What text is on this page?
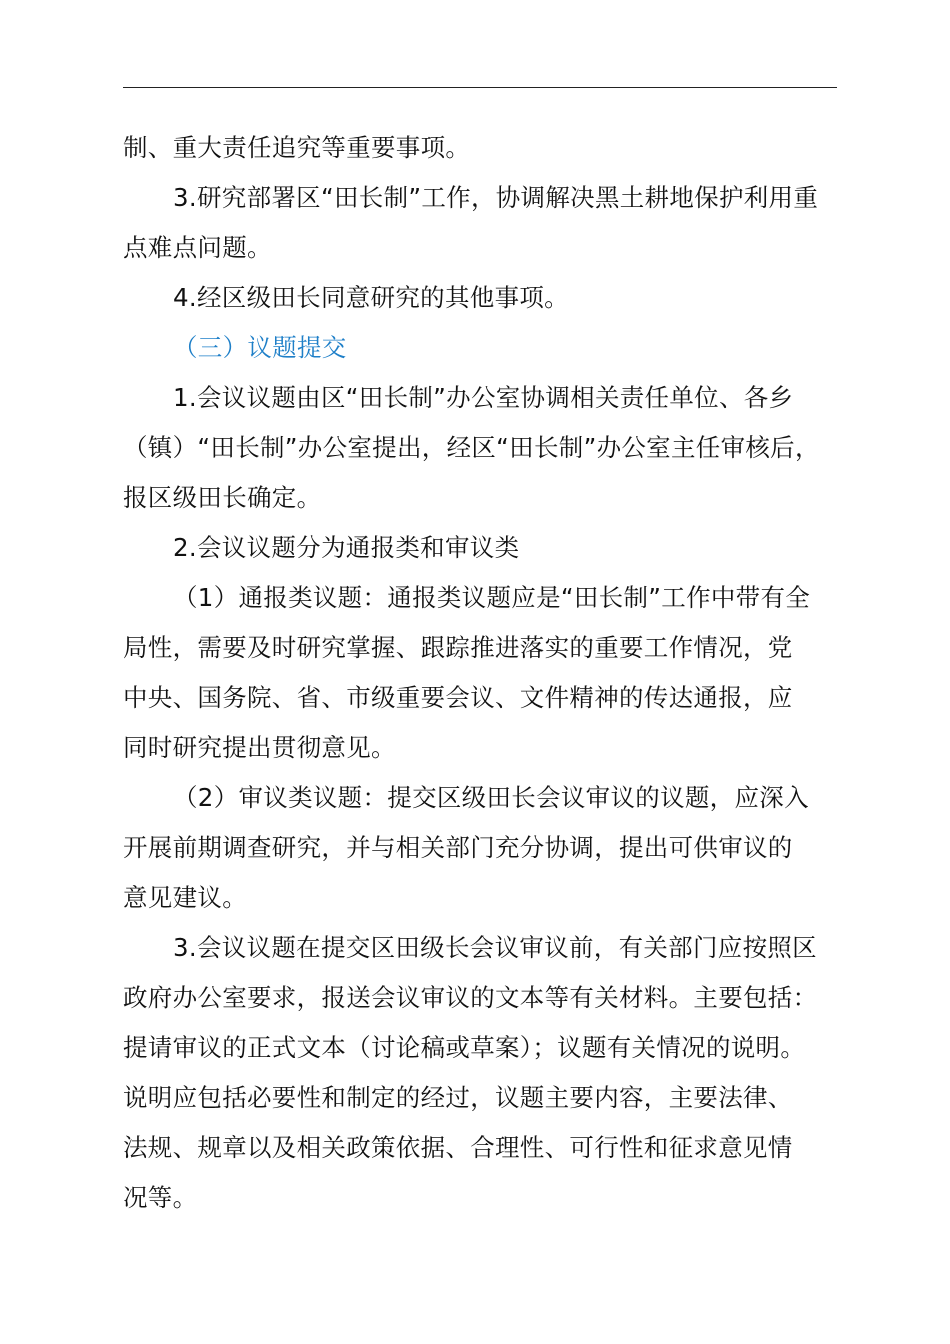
制、重大责任追究等重要事项。
3.研究部署区“田长制”工作，协调解决黑土耕地保护利用重
点难点问题。
4.经区级田长同意研究的其他事项。
（三）议题提交
1.会议议题由区“田长制”办公室协调相关责任单位、各乡
（镇）“田长制”办公室提出，经区“田长制”办公室主任审核后，
报区级田长确定。
2.会议议题分为通报类和审议类
（1）通报类议题：通报类议题应是“田长制”工作中带有全
局性，需要及时研究掌握、跟踪推进落实的重要工作情况，党
中央、国务院、省、市级重要会议、文件精神的传达通报，应
同时研究提出贯彻意见。
（2）审议类议题：提交区级田长会议审议的议题，应深入
开展前期调查研究，并与相关部门充分协调，提出可供审议的
意见建议。
3.会议议题在提交区田级长会议审议前，有关部门应按照区
政府办公室要求，报送会议审议的文本等有关材料。主要包括：
提请审议的正式文本（讨论稿或草案）；议题有关情况的说明。
说明应包括必要性和制定的经过，议题主要内容，主要法律、
法规、规章以及相关政策依据、合理性、可行性和征求意见情
况等。
